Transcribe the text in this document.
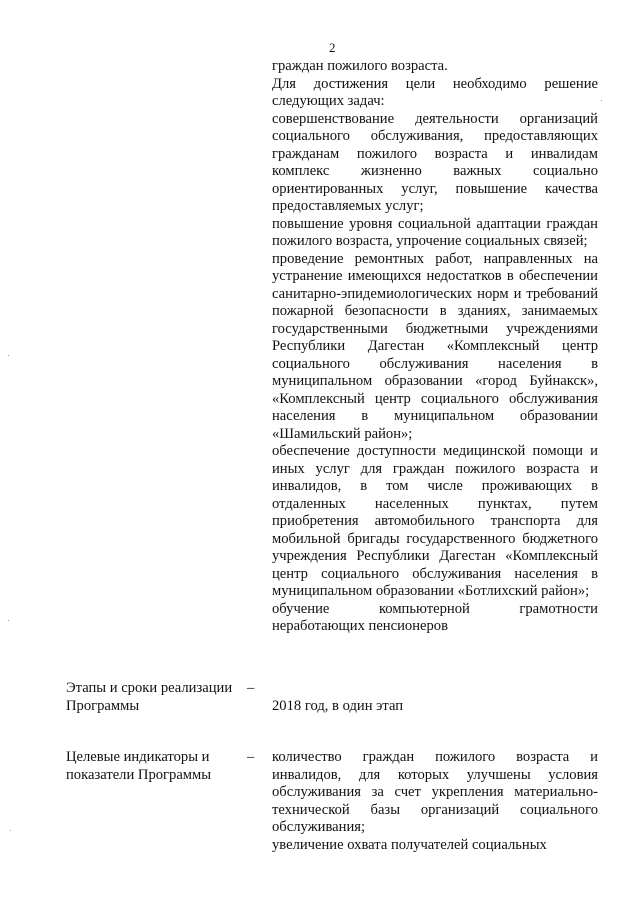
2

граждан пожилого возраста.

Для достижения цели необходимо решение следующих задач:

совершенствование деятельности организаций социального обслуживания, предоставляющих гражданам пожилого возраста и инвалидам комплекс жизненно важных социально ориентированных услуг, повышение качества предоставляемых услуг;

повышение уровня социальной адаптации граждан пожилого возраста, упрочение социальных связей;

проведение ремонтных работ, направленных на устранение имеющихся недостатков в обеспечении санитарно-эпидемиологических норм и требований пожарной безопасности в зданиях, занимаемых государственными бюджетными учреждениями Республики Дагестан «Комплексный центр социального обслуживания населения в муниципальном образовании «город Буйнакск», «Комплексный центр социального обслуживания населения в муниципальном образовании «Шамильский район»;

обеспечение доступности медицинской помощи и иных услуг для граждан пожилого возраста и инвалидов, в том числе проживающих в отдаленных населенных пунктах, путем приобретения автомобильного транспорта для мобильной бригады государственного бюджетного учреждения Республики Дагестан «Комплексный центр социального обслуживания населения в муниципальном образовании «Ботлихский район»;

обучение компьютерной грамотности неработающих пенсионеров

Этапы и сроки реализации Программы
–
2018 год, в один этап
Целевые индикаторы и показатели Программы
– количество граждан пожилого возраста и инвалидов, для которых улучшены условия обслуживания за счет укрепления материально-технической базы организаций социального обслуживания;

увеличение охвата получателей социальных
